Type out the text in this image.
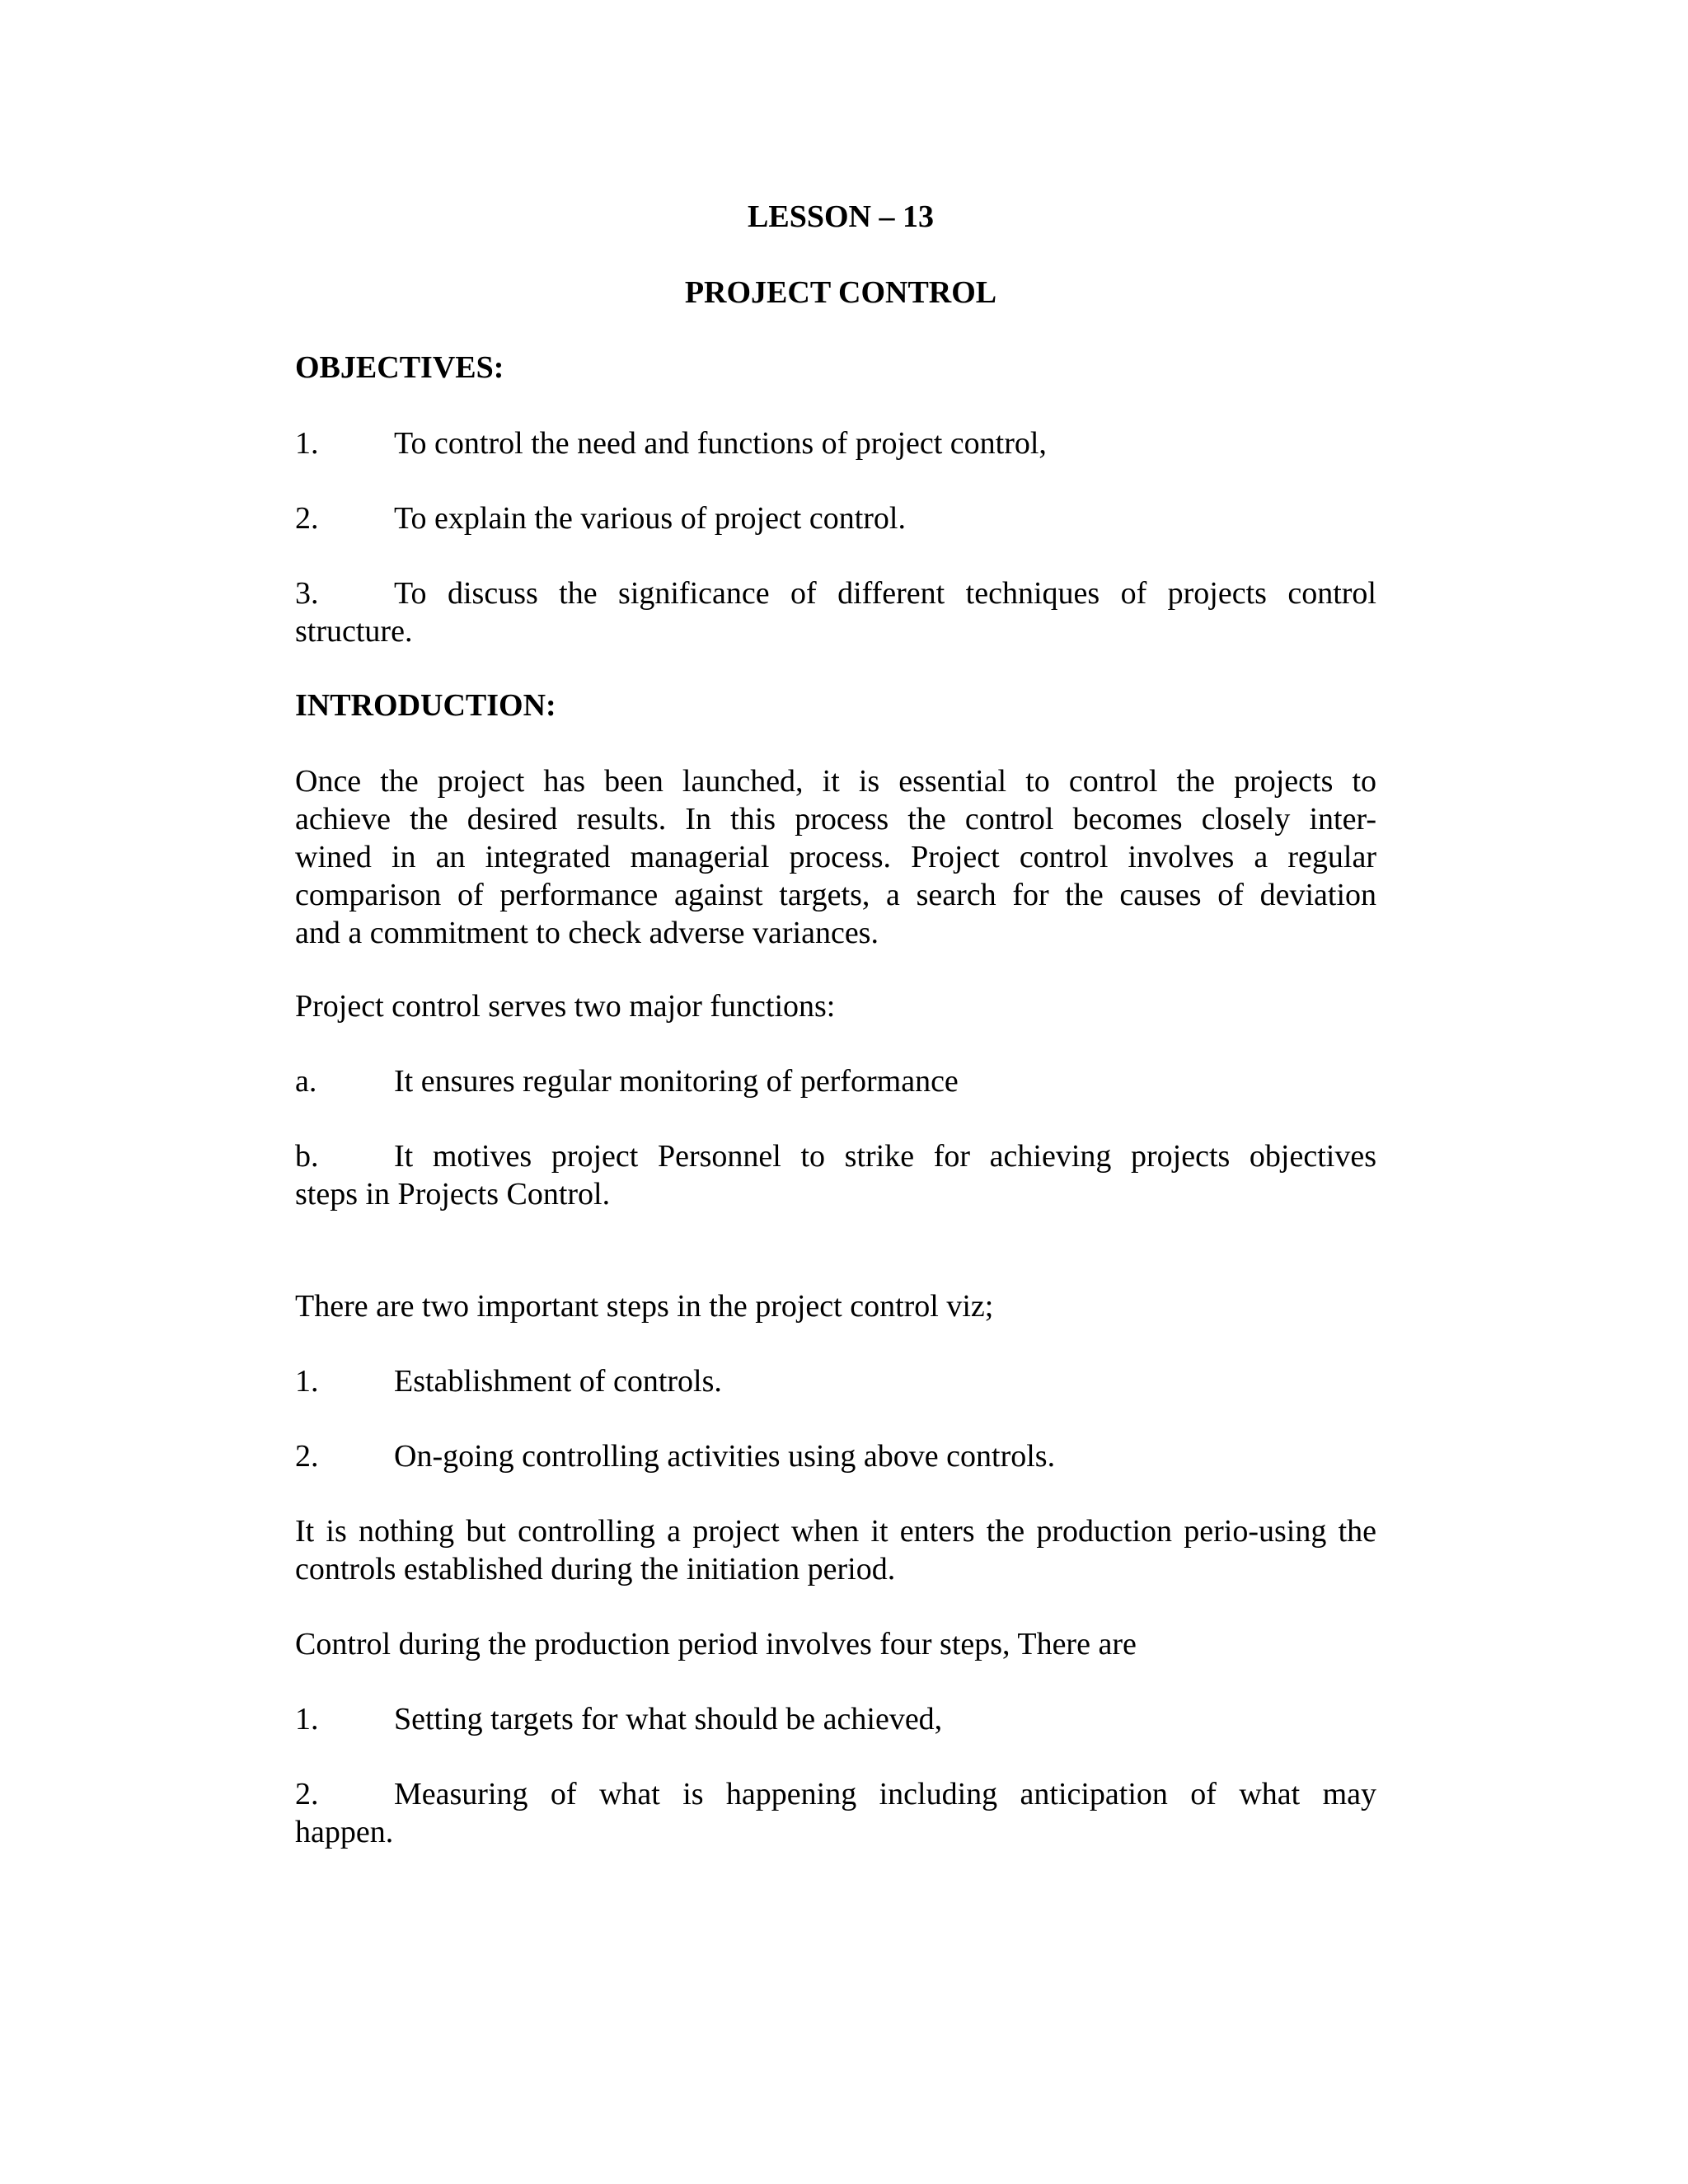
LESSON – 13
PROJECT CONTROL
OBJECTIVES:
1. To control the need and functions of project control,
2. To explain the various of project control.
3. To discuss the significance of different techniques of projects control
structure.
INTRODUCTION:
Once the project has been launched, it is essential to control the projects to
achieve the desired results. In this process the control becomes closely inter-
wined in an integrated managerial process. Project control involves a regular
comparison of performance against targets, a search for the causes of deviation
and a commitment to check adverse variances.
Project control serves two major functions:
a. It ensures regular monitoring of performance
b. It motives project Personnel to strike for achieving projects objectives
steps in Projects Control.
There are two important steps in the project control viz;
1. Establishment of controls.
2. On-going controlling activities using above controls.
It is nothing but controlling a project when it enters the production perio-using the
controls established during the initiation period.
Control during the production period involves four steps, There are
1. Setting targets for what should be achieved,
2. Measuring of what is happening including anticipation of what may
happen.
